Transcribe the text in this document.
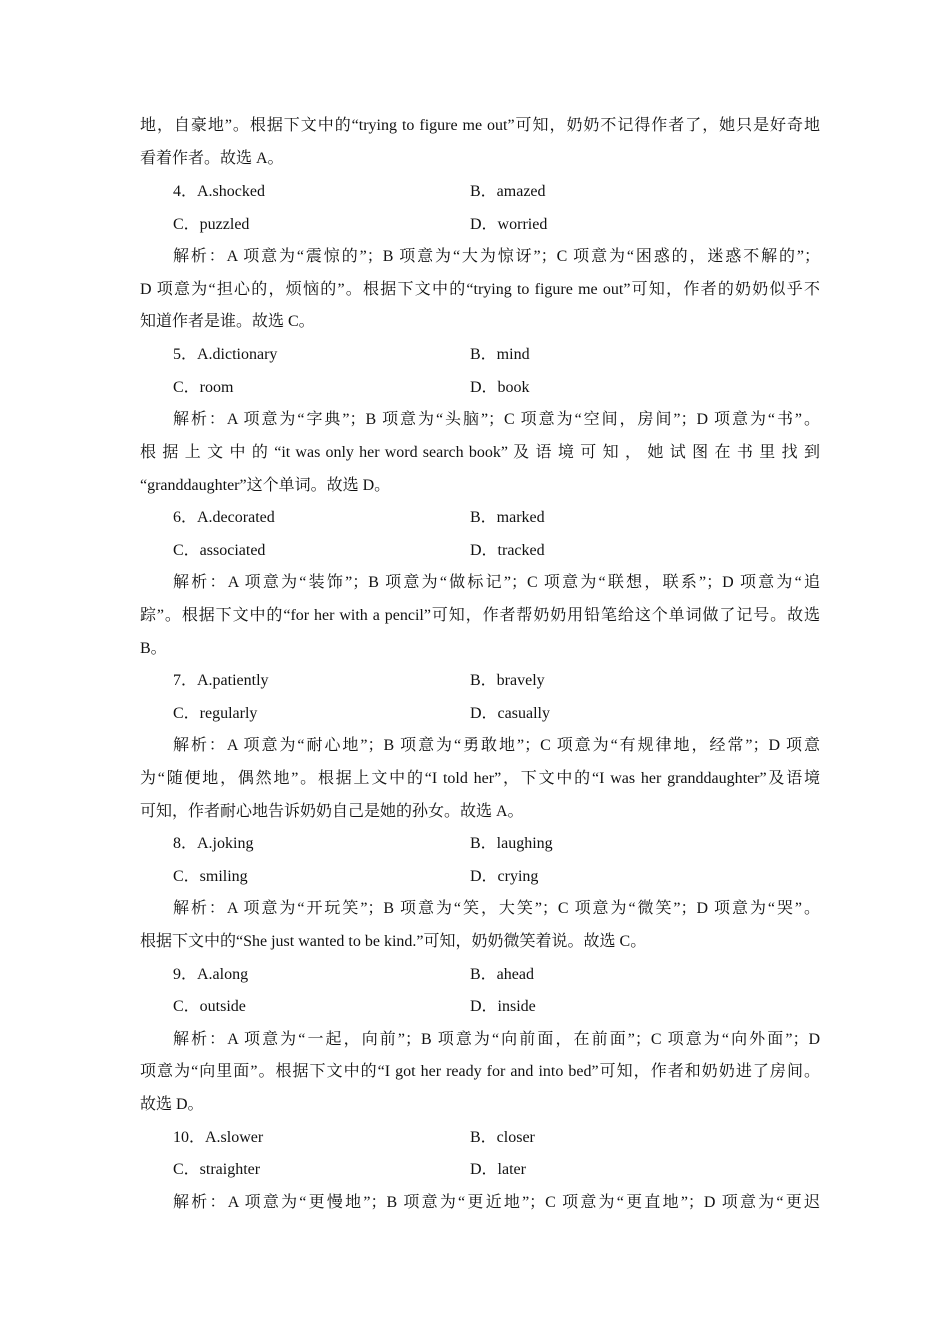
地，自豪地”。根据下文中的“trying to figure me out”可知，奶奶不记得作者了，她只是好奇地
看着作者。故选 A。
4．A.shocked	B．amazed
C．puzzled	D．worried
解析：A 项意为“震惊的”；B 项意为“大为惊讶”；C 项意为“困惑的，迷惑不解的”；
D 项意为“担心的，烦恼的”。根据下文中的“trying to figure me out”可知，作者的奶奶似乎不
知道作者是谁。故选 C。
5．A.dictionary	B．mind
C．room	D．book
解析：A 项意为“字典”；B 项意为“头脑”；C 项意为“空间，房间”；D 项意为“书”。
根 据 上 文 中 的 “it was only her word search book” 及 语 境 可 知 ， 她 试 图 在 书 里 找 到
“granddaughter”这个单词。故选 D。
6．A.decorated	B．marked
C．associated	D．tracked
解析：A 项意为“装饰”；B 项意为“做标记”；C 项意为“联想，联系”；D 项意为“追
踪”。根据下文中的“for her with a pencil”可知，作者帮奶奶用铅笔给这个单词做了记号。故选
B。
7．A.patiently	B．bravely
C．regularly	D．casually
解析：A 项意为“耐心地”；B 项意为“勇敢地”；C 项意为“有规律地，经常”；D 项意
为“随便地，偶然地”。根据上文中的“I told her”，下文中的“I was her granddaughter”及语境
可知，作者耐心地告诉奶奶自己是她的孙女。故选 A。
8．A.joking	B．laughing
C．smiling	D．crying
解析：A 项意为“开玩笑”；B 项意为“笑，大笑”；C 项意为“微笑”；D 项意为“哭”。
根据下文中的“She just wanted to be kind.”可知，奶奶微笑着说。故选 C。
9．A.along	B．ahead
C．outside	D．inside
解析：A 项意为“一起，向前”；B 项意为“向前面，在前面”；C 项意为“向外面”；D
项意为“向里面”。根据下文中的“I got her ready for and into bed”可知，作者和奶奶进了房间。
故选 D。
10．A.slower	B．closer
C．straighter	D．later
解析：A 项意为“更慢地”；B 项意为“更近地”；C 项意为“更直地”；D 项意为“更迟
